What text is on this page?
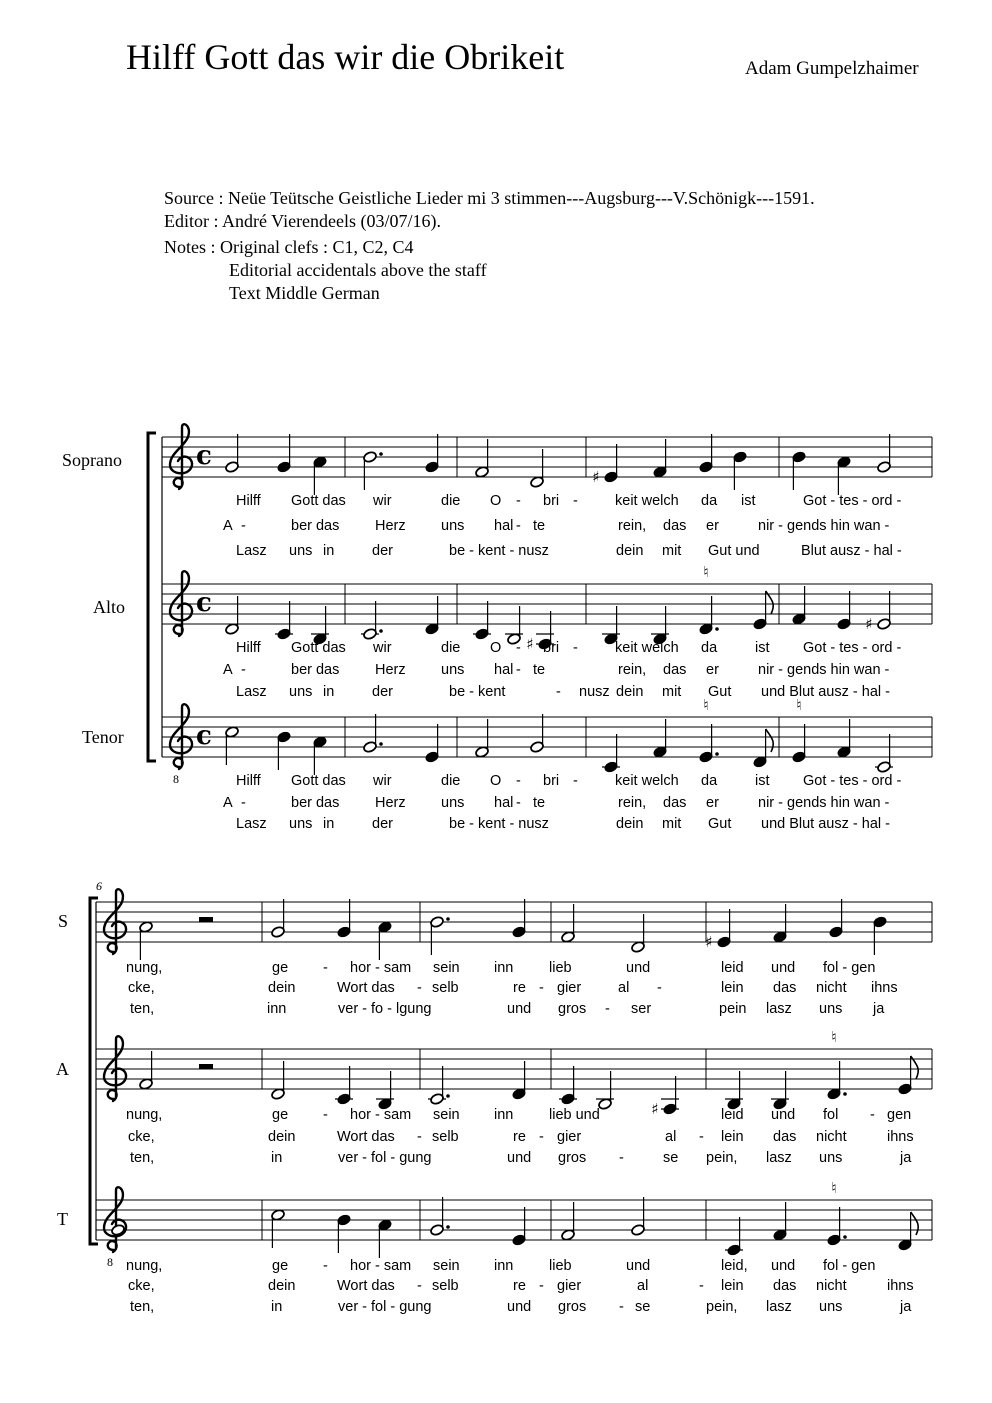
Hilff Gott das wir die Obrikeit	Adam Gumpelzhaimer
Source : Neüe Teütsche Geistliche Lieder mi 3 stimmen---Augsburg---V.Schönigk---1591.
Editor : André Vierendeels (03/07/16).
Notes : Original clefs : C1, C2, C4
Editorial accidentals above the staff
Text Middle German
Soprano
Alto
Tenor
S
A
T
c
♯
Hilff Gott das wir	die O - bri -	keit welch da ist	Got - tes - ord -
A -	ber das Herz uns hal - te	rein, das er	nir - gends hin wan -
Lasz uns in	der	be - kent - nusz	dein mit Gut und	Blut ausz - hal -
c
♯
♮
♯
Hilff Gott das wir	die O - bri -	keit welch da	ist Got - tes - ord -
A -	ber das Herz uns hal - te	rein, das er	nir - gends hin wan -
Lasz uns in	der	be - kent	- nusz dein mit Gut und Blut ausz - hal -
8
c
♮	♮
Hilff Gott das wir	die O - bri -	keit welch da	ist Got - tes - ord -
A -	ber das Herz uns hal - te	rein, das er	nir - gends hin wan -
Lasz uns in	der	be - kent - nusz	dein mit Gut und Blut ausz - hal -
6
♯
nung,	ge - hor - sam sein inn lieb	und	leid und fol - gen
cke,	dein	Wort das - selb	re - gier	al -	lein das nicht ihns
ten,	inn	ver - fo - lgung	und gros - ser	pein lasz uns ja
♯
♮
nung,	ge - hor - sam sein inn lieb und	leid und fol - gen
cke,	dein	Wort das - selb	re - gier	al - lein das nicht	ihns
ten,	in	ver - fol - gung	und gros -	se pein, lasz uns	ja
8
♮
nung,	ge - hor - sam sein inn lieb	und	leid, und fol - gen
cke,	dein	Wort das - selb	re - gier	al	- lein das nicht	ihns
ten,	in	ver - fol - gung	und gros - se	pein, lasz uns	ja
